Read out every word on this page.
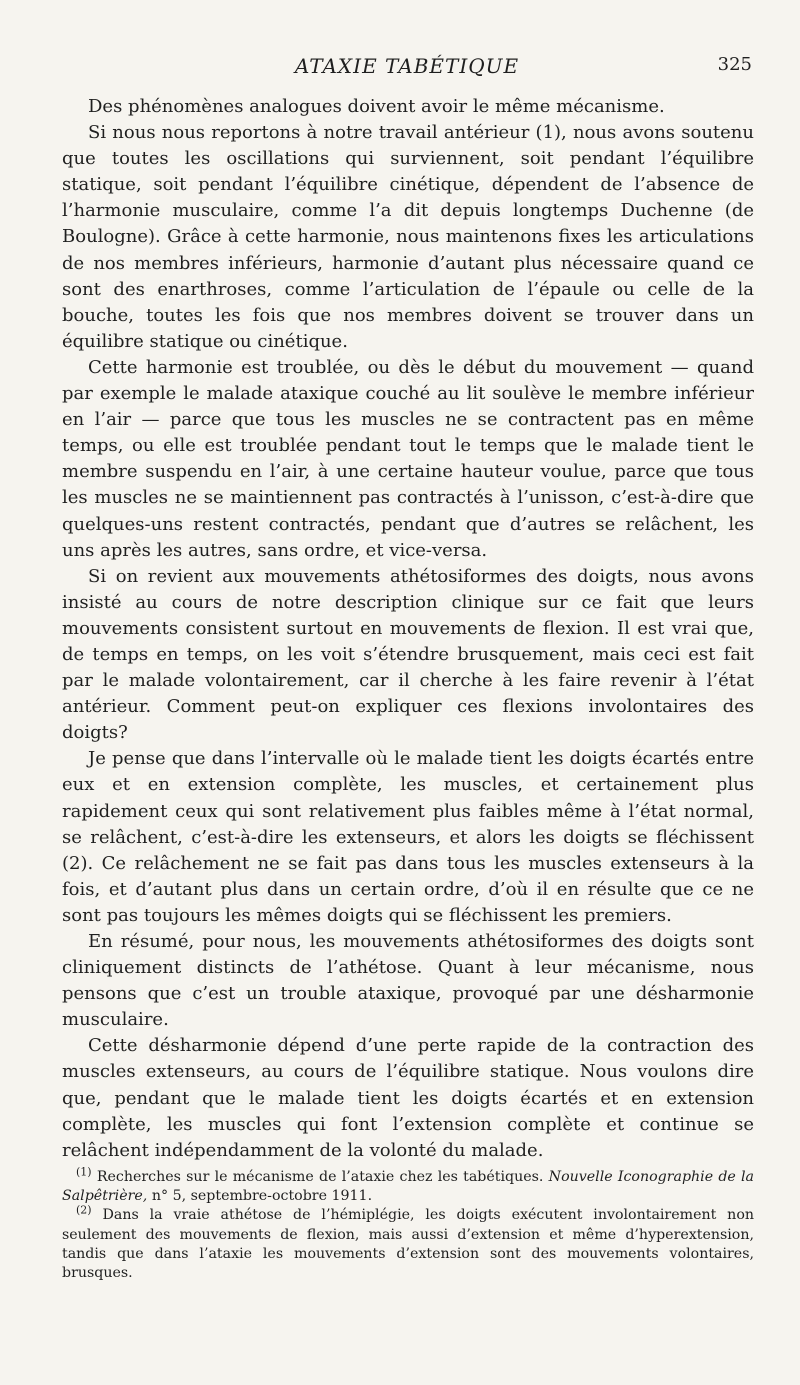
ATAXIE TABÉTIQUE	325

Des phénomènes analogues doivent avoir le même mécanisme.

Si nous nous reportons à notre travail antérieur (1), nous avons soutenu que toutes les oscillations qui surviennent, soit pendant l’équilibre statique, soit pendant l’équilibre cinétique, dépendent de l’absence de l’harmonie musculaire, comme l’a dit depuis longtemps Duchenne (de Boulogne). Grâce à cette harmonie, nous maintenons fixes les articulations de nos membres inférieurs, harmonie d’autant plus nécessaire quand ce sont des enarthroses, comme l’articulation de l’épaule ou celle de la bouche, toutes les fois que nos membres doivent se trouver dans un équilibre statique ou cinétique.

Cette harmonie est troublée, ou dès le début du mouvement — quand par exemple le malade ataxique couché au lit soulève le membre inférieur en l’air — parce que tous les muscles ne se contractent pas en même temps, ou elle est troublée pendant tout le temps que le malade tient le membre suspendu en l’air, à une certaine hauteur voulue, parce que tous les muscles ne se maintiennent pas contractés à l’unisson, c’est-à-dire que quelques-uns restent contractés, pendant que d’autres se relâchent, les uns après les autres, sans ordre, et vice-versa.

Si on revient aux mouvements athétosiformes des doigts, nous avons insisté au cours de notre description clinique sur ce fait que leurs mouvements consistent surtout en mouvements de flexion. Il est vrai que, de temps en temps, on les voit s’étendre brusquement, mais ceci est fait par le malade volontairement, car il cherche à les faire revenir à l’état antérieur. Comment peut-on expliquer ces flexions involontaires des doigts?

Je pense que dans l’intervalle où le malade tient les doigts écartés entre eux et en extension complète, les muscles, et certainement plus rapidement ceux qui sont relativement plus faibles même à l’état normal, se relâchent, c’est-à-dire les extenseurs, et alors les doigts se fléchissent (2). Ce relâchement ne se fait pas dans tous les muscles extenseurs à la fois, et d’autant plus dans un certain ordre, d’où il en résulte que ce ne sont pas toujours les mêmes doigts qui se fléchissent les premiers.

En résumé, pour nous, les mouvements athétosiformes des doigts sont cliniquement distincts de l’athétose. Quant à leur mécanisme, nous pensons que c’est un trouble ataxique, provoqué par une désharmonie musculaire.

Cette désharmonie dépend d’une perte rapide de la contraction des muscles extenseurs, au cours de l’équilibre statique. Nous voulons dire que, pendant que le malade tient les doigts écartés et en extension complète, les muscles qui font l’extension complète et continue se relâchent indépendamment de la volonté du malade.

$^{(1)}$ Recherches sur le mécanisme de l’ataxie chez les tabétiques. Nouvelle Iconographie de la Salpêtrière, n° 5, septembre-octobre 1911.

$^{(2)}$ Dans la vraie athétose de l’hémiplégie, les doigts exécutent involontairement non seulement des mouvements de flexion, mais aussi d’extension et même d’hyperextension, tandis que dans l’ataxie les mouvements d’extension sont des mouvements volontaires, brusques.
